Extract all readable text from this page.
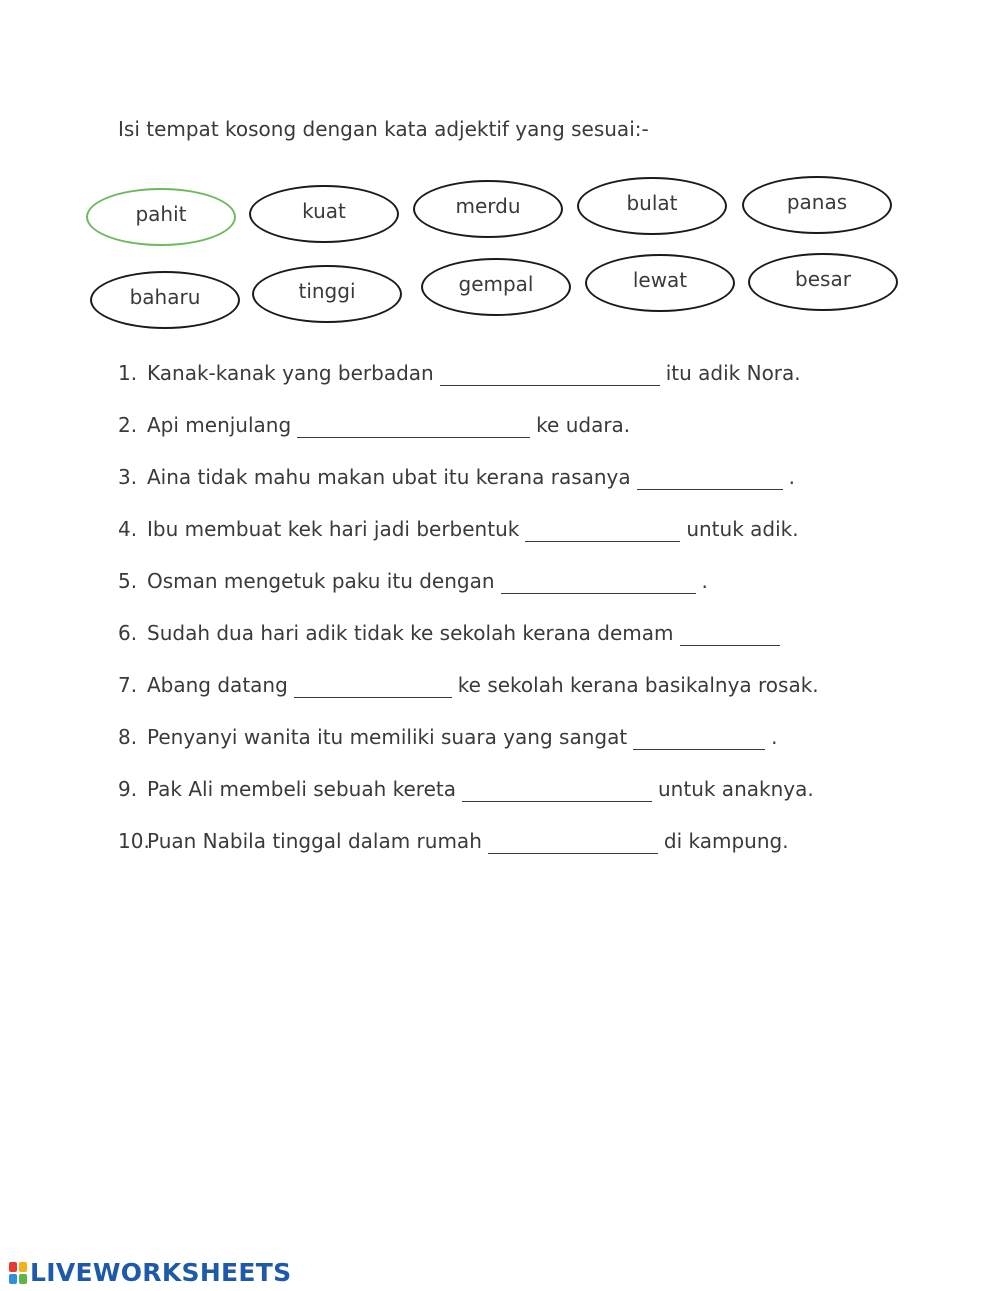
Isi tempat kosong dengan kata adjektif yang sesuai:-
pahit	kuat	merdu	bulat	panas
baharu	tinggi	gempal	lewat	besar
1. Kanak-kanak yang berbadan	itu adik Nora.
2. Api menjulang	ke udara.
3. Aina tidak mahu makan ubat itu kerana rasanya	.
4. Ibu membuat kek hari jadi berbentuk	untuk adik.
5. Osman mengetuk paku itu dengan	.
6. Sudah dua hari adik tidak ke sekolah kerana demam
7. Abang datang	ke sekolah kerana basikalnya rosak.
8. Penyanyi wanita itu memiliki suara yang sangat	.
9. Pak Ali membeli sebuah kereta	untuk anaknya.
10.
Puan Nabila tinggal dalam rumah	di kampung.
LIVEWORKSHEETS
